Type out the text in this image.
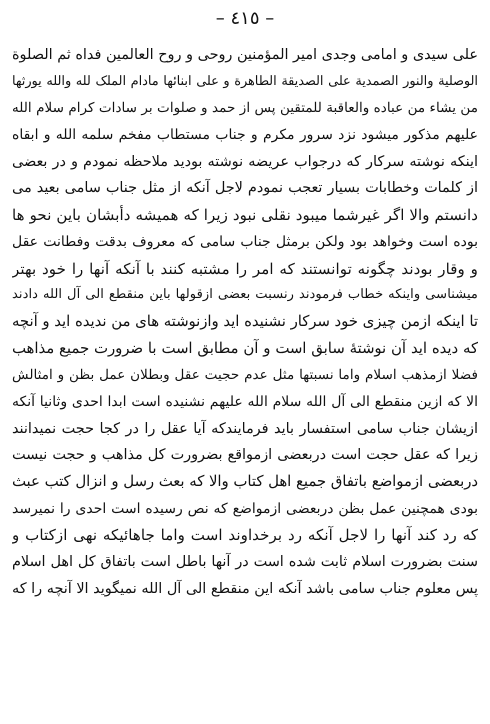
– ٤١٥ –
علی سیدی و امامی وجدی امیر المؤمنین روحی و روح العالمین فداه ثم الصلوة
الوصلیة والنور الصمدیة علی الصدیقة الطاهرة و علی ابنائها مادام الملک لله والله یورثها
من یشاء من عباده والعاقبة للمتقین پس از حمد و صلوات بر سادات کرام سلام الله
علیهم مذکور میشود نزد سرور مکرم و جناب مستطاب مفخم سلمه الله و ابقاه
اینکه نوشته سرکار که درجواب عریضه نوشته بودید ملاحظه نمودم و در بعضی
از کلمات وخطابات بسیار تعجب نمودم لاجل آنکه از مثل جناب سامی بعید می
دانستم والا اگر غیرشما میبود نقلی نبود زیرا که همیشه دأبشان باین نحو ها
بوده است وخواهد بود ولکن برمثل جناب سامی که معروف بدقت وفطانت عقل
و وقار بودند چگونه توانستند که امر را مشتبه کنند با آنکه آنها را خود بهتر
میشناسی واینکه خطاب فرمودند رنسبت بعضی ازقولها باین منقطع الی آل الله دادند
تا اینکه ازمن چیزی خود سرکار نشنیده اید وازنوشته های من ندیده اید و آنچه
که دیده اید آن نوشتهٔ سابق است و آن مطابق است با ضرورت جمیع مذاهب
فضلا ازمذهب اسلام واما نسبتها مثل عدم حجیت عقل وبطلان عمل بظن و امثالش
الا که ازین منقطع الی آل الله سلام الله علیهم نشنیده است ابدا احدی وثانیا آنکه
ازیشان جناب سامی استفسار باید فرمایندکه آیا عقل را در کجا حجت نمیدانند
زیرا که عقل حجت است دربعضی ازمواقع بضرورت کل مذاهب و حجت نیست
دربعضی ازمواضع باتفاق جمیع اهل کتاب والا که بعث رسل و انزال کتب عبث
بودی همچنین عمل بظن دربعضی ازمواضع که نص رسیده است احدی را نمیرسد
که رد کند آنها را لاجل آنکه رد برخداوند است واما جاهائیکه نهی ازکتاب و
سنت بضرورت اسلام ثابت شده است در آنها باطل است باتفاق کل اهل اسلام
پس معلوم جناب سامی باشد آنکه این منقطع الی آل الله نمیگوید الا آنچه را که
